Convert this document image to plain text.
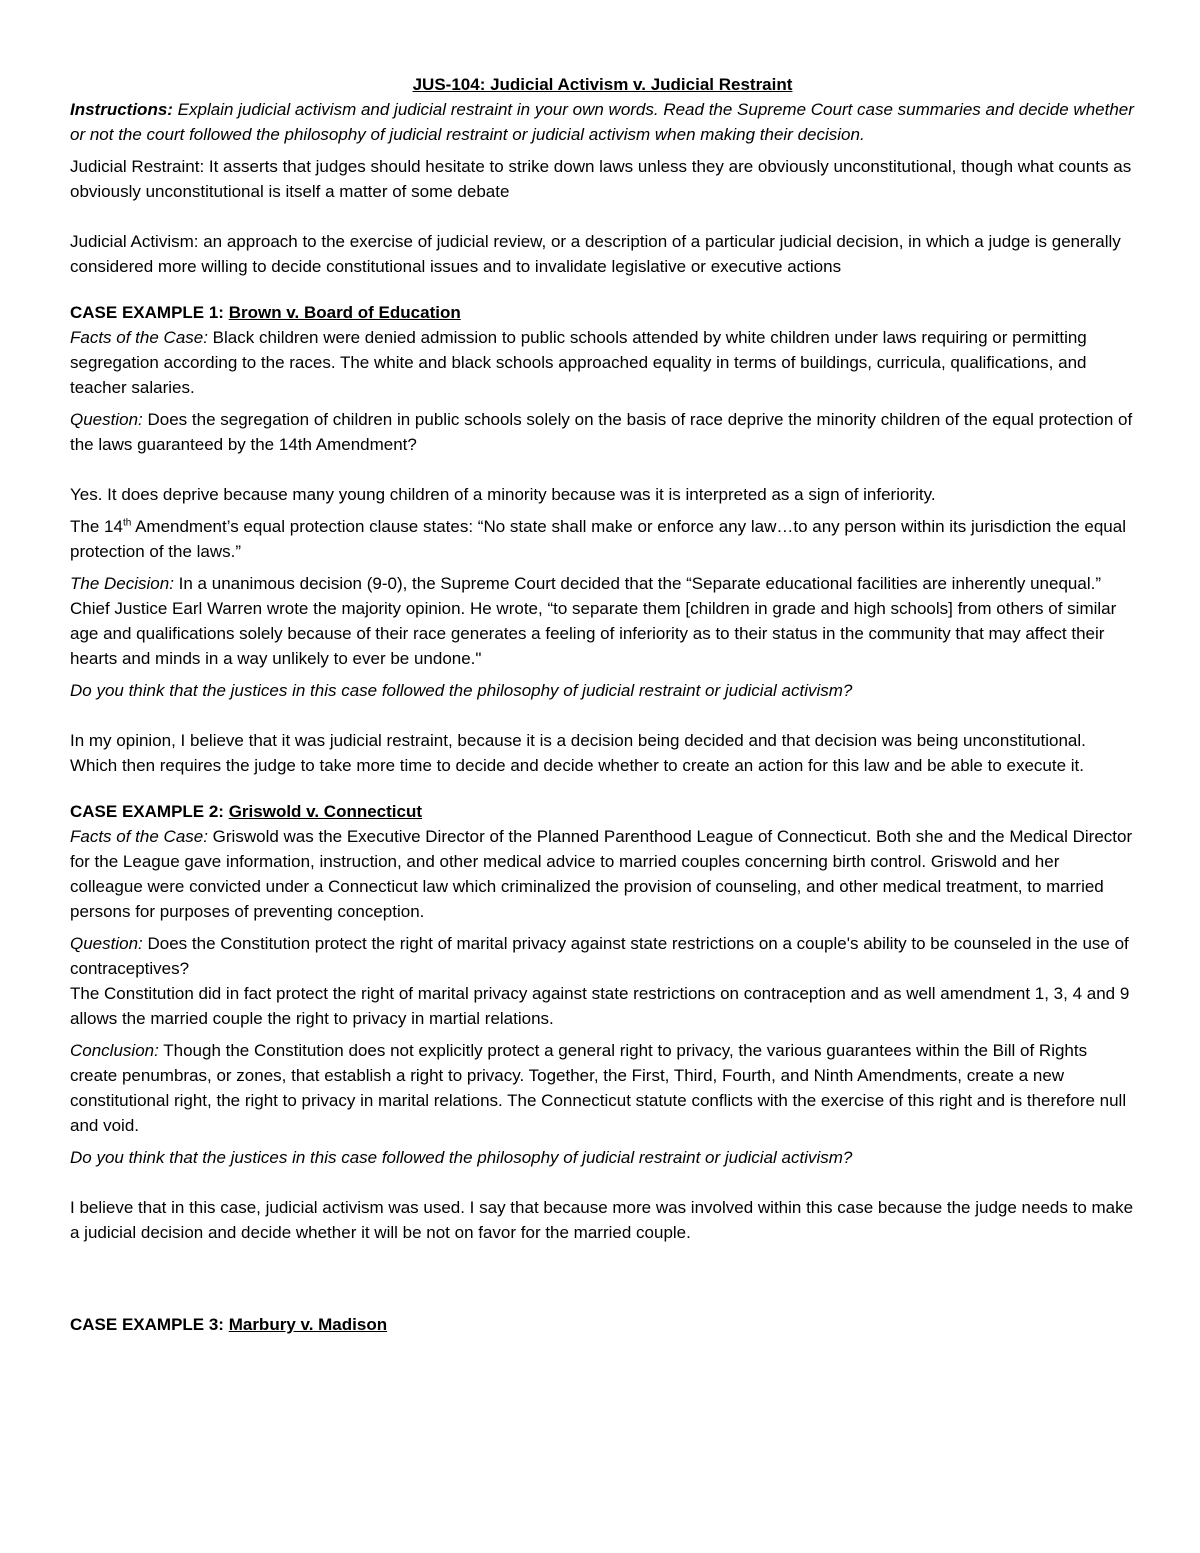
JUS-104: Judicial Activism v. Judicial Restraint

Instructions: Explain judicial activism and judicial restraint in your own words. Read the Supreme Court case summaries and decide whether or not the court followed the philosophy of judicial restraint or judicial activism when making their decision.

Judicial Restraint: It asserts that judges should hesitate to strike down laws unless they are obviously unconstitutional, though what counts as obviously unconstitutional is itself a matter of some debate

Judicial Activism: an approach to the exercise of judicial review, or a description of a particular judicial decision, in which a judge is generally considered more willing to decide constitutional issues and to invalidate legislative or executive actions

CASE EXAMPLE 1: Brown v. Board of Education

Facts of the Case: Black children were denied admission to public schools attended by white children under laws requiring or permitting segregation according to the races. The white and black schools approached equality in terms of buildings, curricula, qualifications, and teacher salaries.

Question: Does the segregation of children in public schools solely on the basis of race deprive the minority children of the equal protection of the laws guaranteed by the 14th Amendment?

Yes. It does deprive because many young children of a minority because was it is interpreted as a sign of inferiority.

The 14th Amendment’s equal protection clause states: “No state shall make or enforce any law…to any person within its jurisdiction the equal protection of the laws.”

The Decision: In a unanimous decision (9-0), the Supreme Court decided that the “Separate educational facilities are inherently unequal.” Chief Justice Earl Warren wrote the majority opinion. He wrote, “to separate them [children in grade and high schools] from others of similar age and qualifications solely because of their race generates a feeling of inferiority as to their status in the community that may affect their hearts and minds in a way unlikely to ever be undone."

Do you think that the justices in this case followed the philosophy of judicial restraint or judicial activism?

In my opinion, I believe that it was judicial restraint, because it is a decision being decided and that decision was being unconstitutional. Which then requires the judge to take more time to decide and decide whether to create an action for this law and be able to execute it.

CASE EXAMPLE 2: Griswold v. Connecticut

Facts of the Case: Griswold was the Executive Director of the Planned Parenthood League of Connecticut. Both she and the Medical Director for the League gave information, instruction, and other medical advice to married couples concerning birth control. Griswold and her colleague were convicted under a Connecticut law which criminalized the provision of counseling, and other medical treatment, to married persons for purposes of preventing conception.

Question: Does the Constitution protect the right of marital privacy against state restrictions on a couple's ability to be counseled in the use of contraceptives?

The Constitution did in fact protect the right of marital privacy against state restrictions on contraception and as well amendment 1, 3, 4 and 9 allows the married couple the right to privacy in martial relations.

Conclusion: Though the Constitution does not explicitly protect a general right to privacy, the various guarantees within the Bill of Rights create penumbras, or zones, that establish a right to privacy. Together, the First, Third, Fourth, and Ninth Amendments, create a new constitutional right, the right to privacy in marital relations. The Connecticut statute conflicts with the exercise of this right and is therefore null and void.

Do you think that the justices in this case followed the philosophy of judicial restraint or judicial activism?

I believe that in this case, judicial activism was used. I say that because more was involved within this case because the judge needs to make a judicial decision and decide whether it will be not on favor for the married couple.

CASE EXAMPLE 3: Marbury v. Madison
